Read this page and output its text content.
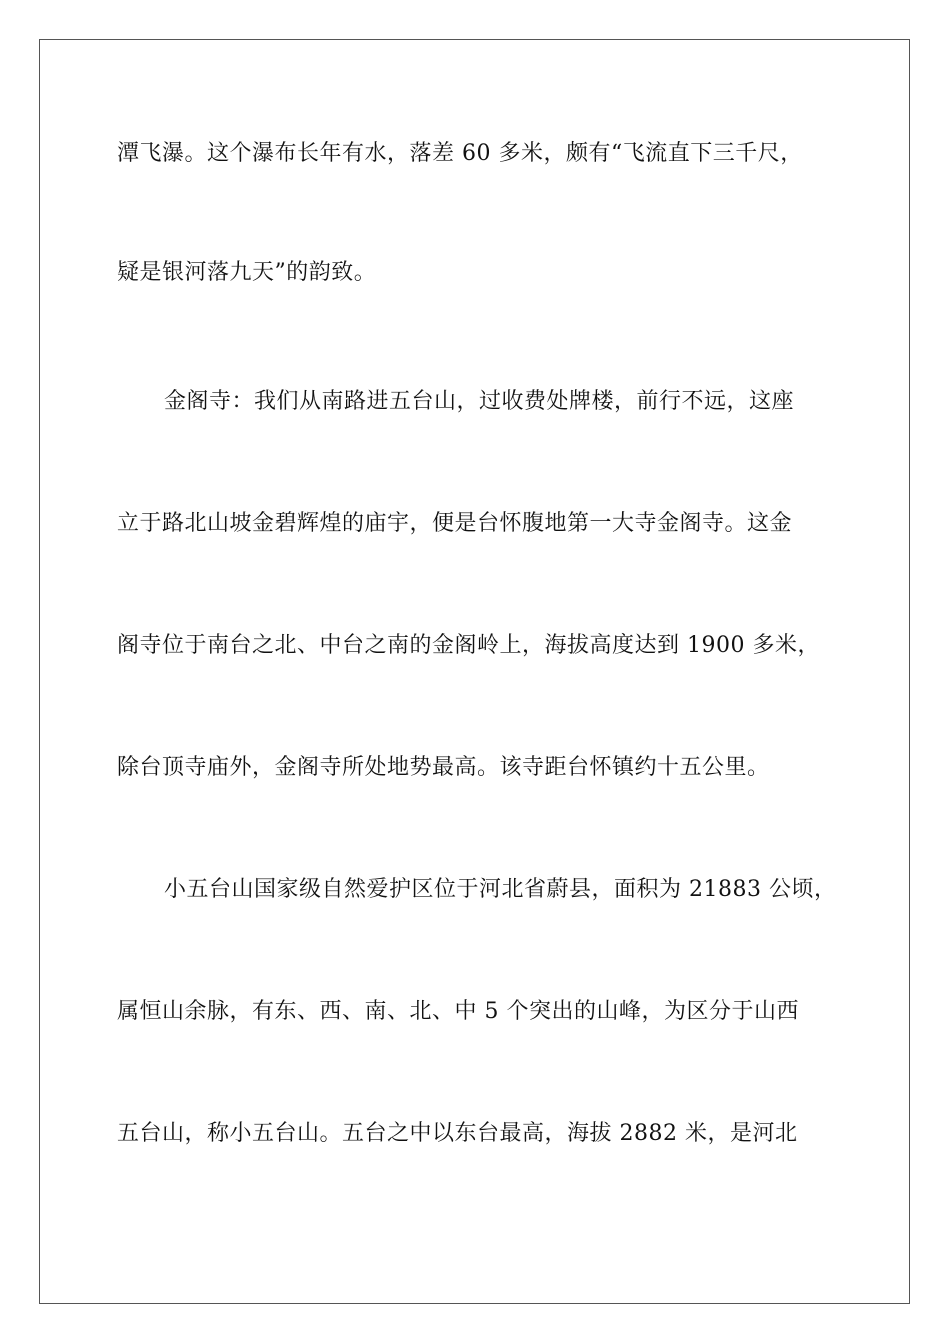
潭飞瀑。这个瀑布长年有水，落差 60 多米，颇有“飞流直下三千尺，
疑是银河落九天”的韵致。
金阁寺：我们从南路进五台山，过收费处牌楼，前行不远，这座
立于路北山坡金碧辉煌的庙宇，便是台怀腹地第一大寺金阁寺。这金
阁寺位于南台之北、中台之南的金阁岭上，海拔高度达到 1900 多米，
除台顶寺庙外，金阁寺所处地势最高。该寺距台怀镇约十五公里。
小五台山国家级自然爱护区位于河北省蔚县，面积为 21883 公顷，
属恒山余脉，有东、西、南、北、中 5 个突出的山峰，为区分于山西
五台山，称小五台山。五台之中以东台最高，海拔 2882 米，是河北
